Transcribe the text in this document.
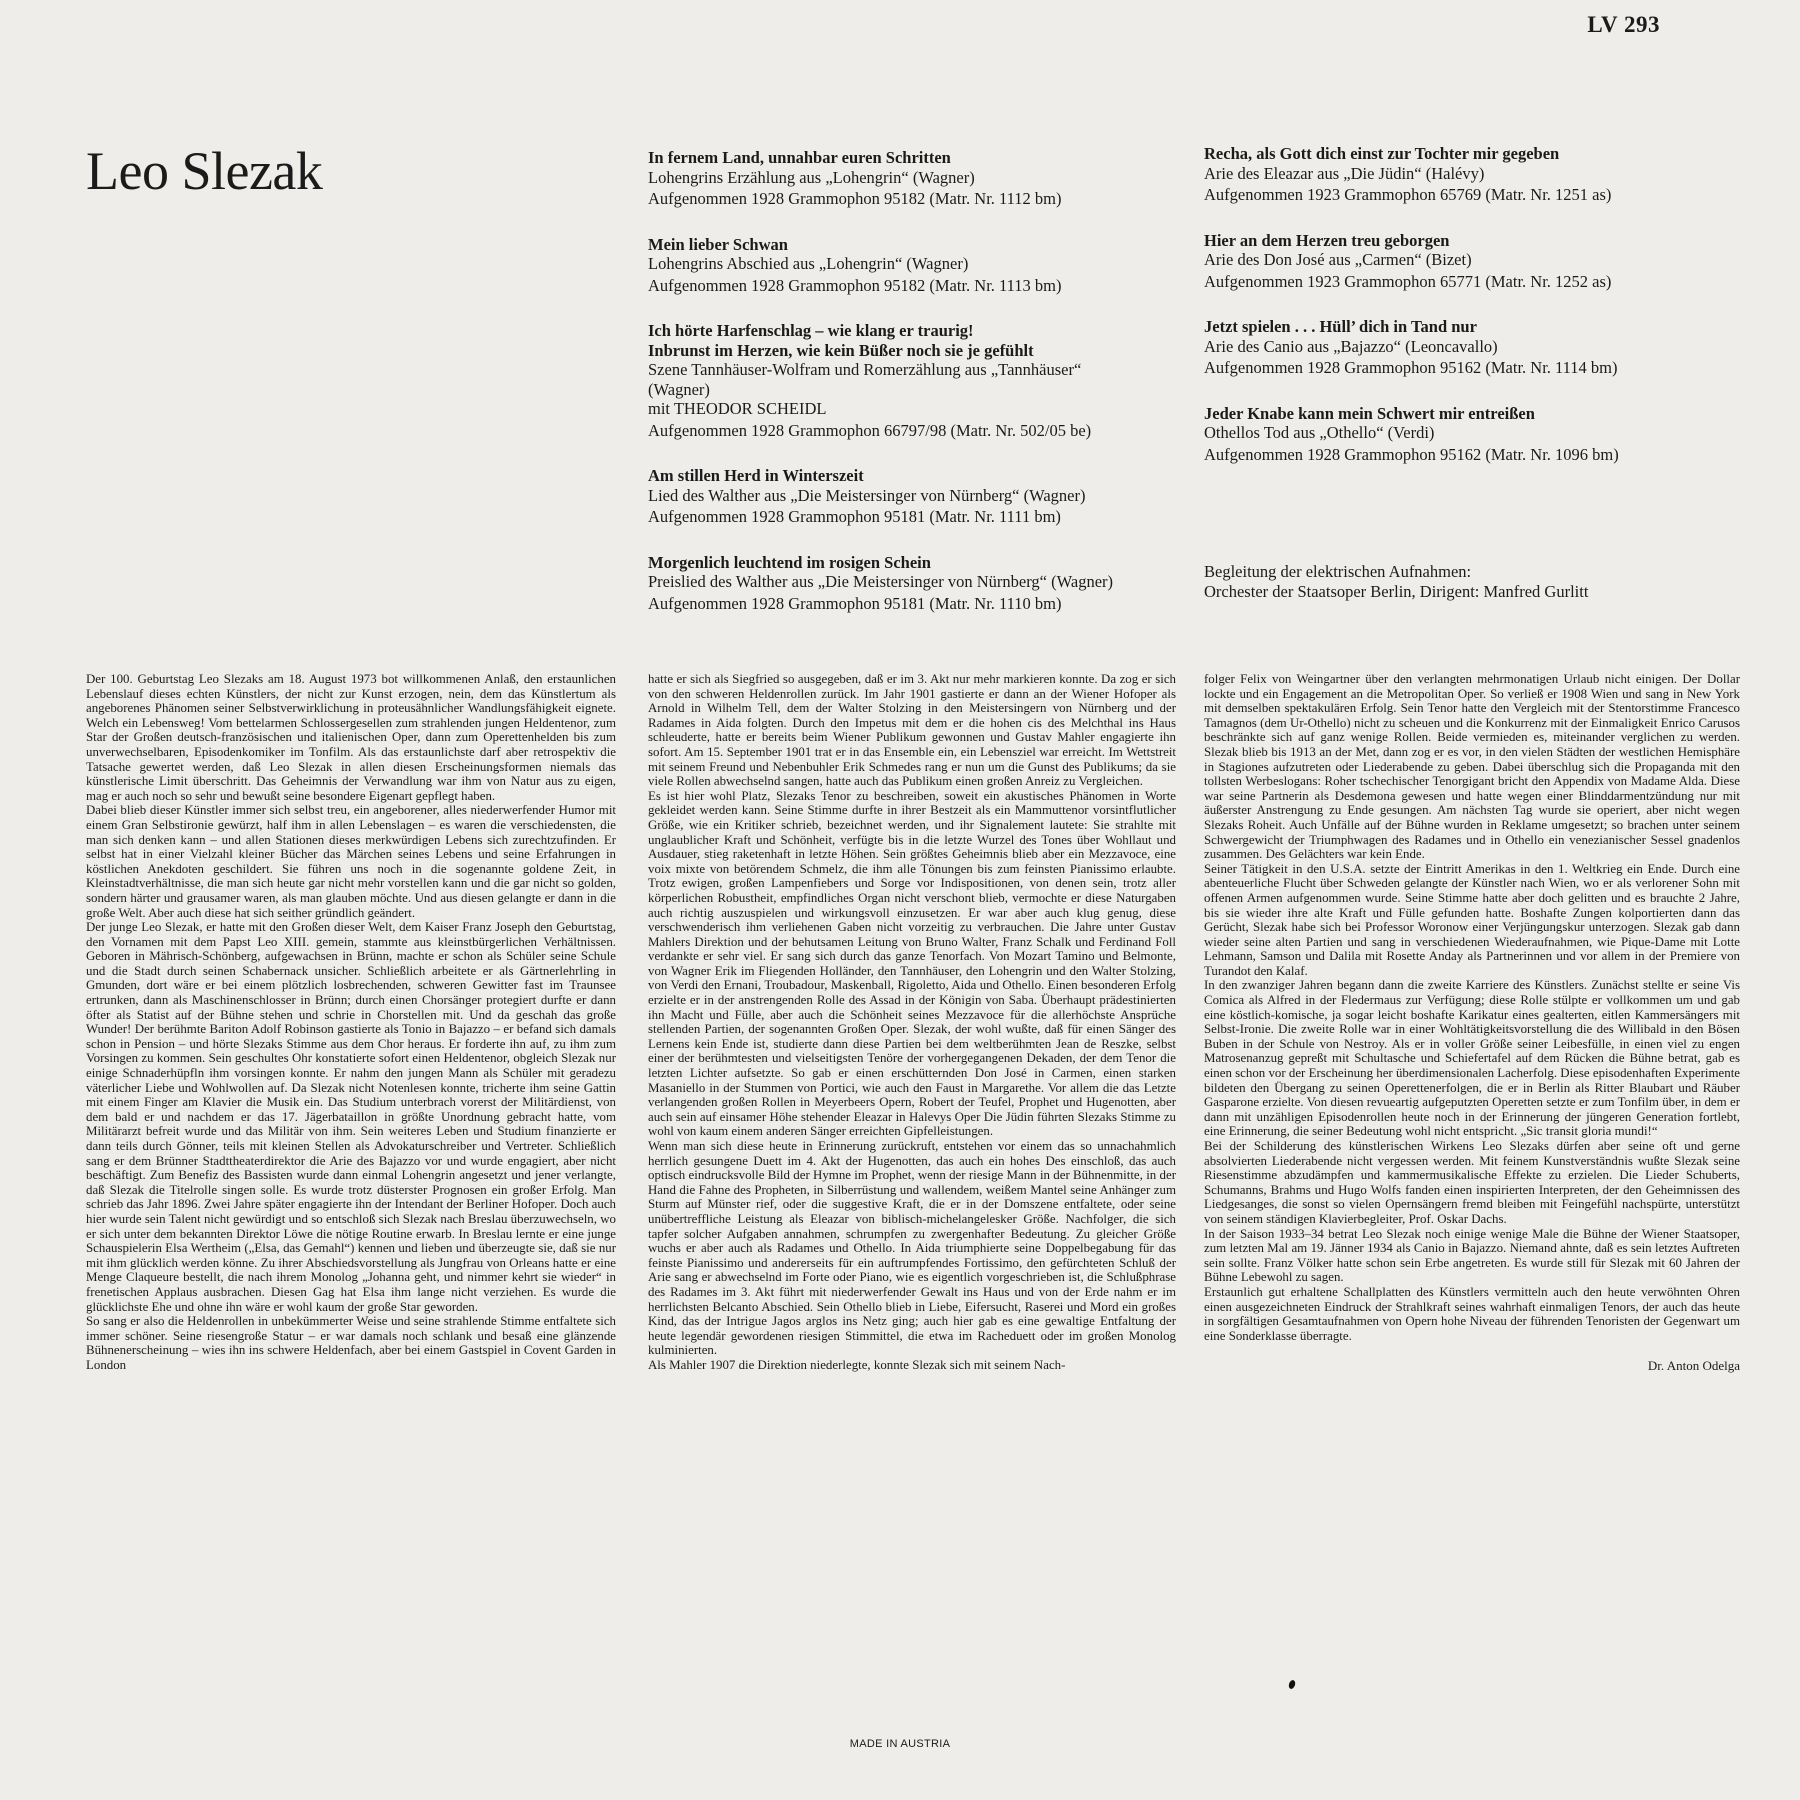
LV 293
Leo Slezak	In fernem Land, unnahbar euren Schritten
Lohengrins Erzählung aus „Lohengrin“ (Wagner)
Aufgenommen 1928 Grammophon 95182 (Matr. Nr. 1112 bm)
Mein lieber Schwan
Lohengrins Abschied aus „Lohengrin“ (Wagner)
Aufgenommen 1928 Grammophon 95182 (Matr. Nr. 1113 bm)
Ich hörte Harfenschlag – wie klang er traurig!
Inbrunst im Herzen, wie kein Büßer noch sie je gefühlt
Szene Tannhäuser-Wolfram und Romerzählung aus „Tannhäuser“
(Wagner)
mit THEODOR SCHEIDL
Aufgenommen 1928 Grammophon 66797/98 (Matr. Nr. 502/05 be)
Am stillen Herd in Winterszeit
Lied des Walther aus „Die Meistersinger von Nürnberg“ (Wagner)
Aufgenommen 1928 Grammophon 95181 (Matr. Nr. 1111 bm)
Morgenlich leuchtend im rosigen Schein
Preislied des Walther aus „Die Meistersinger von Nürnberg“ (Wagner)
Aufgenommen 1928 Grammophon 95181 (Matr. Nr. 1110 bm)
Recha, als Gott dich einst zur Tochter mir gegeben
Arie des Eleazar aus „Die Jüdin“ (Halévy)
Aufgenommen 1923 Grammophon 65769 (Matr. Nr. 1251 as)
Hier an dem Herzen treu geborgen
Arie des Don José aus „Carmen“ (Bizet)
Aufgenommen 1923 Grammophon 65771 (Matr. Nr. 1252 as)
Jetzt spielen . . . Hüll’ dich in Tand nur
Arie des Canio aus „Bajazzo“ (Leoncavallo)
Aufgenommen 1928 Grammophon 95162 (Matr. Nr. 1114 bm)
Jeder Knabe kann mein Schwert mir entreißen
Othellos Tod aus „Othello“ (Verdi)
Aufgenommen 1928 Grammophon 95162 (Matr. Nr. 1096 bm)
Begleitung der elektrischen Aufnahmen:
Orchester der Staatsoper Berlin, Dirigent: Manfred Gurlitt

Der 100. Geburtstag Leo Slezaks am 18. August 1973 bot willkommenen Anlaß, den erstaunlichen Lebenslauf dieses echten Künstlers, der nicht zur Kunst erzogen, nein, dem das Künstlertum als angeborenes Phänomen seiner Selbstverwirklichung in proteusähnlicher Wandlungsfähigkeit eignete. Welch ein Lebensweg! Vom bettelarmen Schlossergesellen zum strahlenden jungen Heldentenor, zum Star der Großen deutsch-französischen und italienischen Oper, dann zum Operettenhelden bis zum unverwechselbaren, Episodenkomiker im Tonfilm. Als das erstaunlichste darf aber retrospektiv die Tatsache gewertet werden, daß Leo Slezak in allen diesen Erscheinungsformen niemals das künstlerische Limit überschritt. Das Geheimnis der Verwandlung war ihm von Natur aus zu eigen, mag er auch noch so sehr und bewußt seine besondere Eigenart gepflegt haben.

Dabei blieb dieser Künstler immer sich selbst treu, ein angeborener, alles niederwerfender Humor mit einem Gran Selbstironie gewürzt, half ihm in allen Lebenslagen – es waren die verschiedensten, die man sich denken kann – und allen Stationen dieses merkwürdigen Lebens sich zurechtzufinden. Er selbst hat in einer Vielzahl kleiner Bücher das Märchen seines Lebens und seine Erfahrungen in köstlichen Anekdoten geschildert. Sie führen uns noch in die sogenannte goldene Zeit, in Kleinstadtverhältnisse, die man sich heute gar nicht mehr vorstellen kann und die gar nicht so golden, sondern härter und grausamer waren, als man glauben möchte. Und aus diesen gelangte er dann in die große Welt. Aber auch diese hat sich seither gründlich geändert.

Der junge Leo Slezak, er hatte mit den Großen dieser Welt, dem Kaiser Franz Joseph den Geburtstag, den Vornamen mit dem Papst Leo XIII. gemein, stammte aus kleinstbürgerlichen Verhältnissen. Geboren in Mährisch-Schönberg, aufgewachsen in Brünn, machte er schon als Schüler seine Schule und die Stadt durch seinen Schabernack unsicher. Schließlich arbeitete er als Gärtnerlehrling in Gmunden, dort wäre er bei einem plötzlich losbrechenden, schweren Gewitter fast im Traunsee ertrunken, dann als Maschinenschlosser in Brünn; durch einen Chorsänger protegiert durfte er dann öfter als Statist auf der Bühne stehen und schrie in Chorstellen mit. Und da geschah das große Wunder! Der berühmte Bariton Adolf Robinson gastierte als Tonio in Bajazzo – er befand sich damals schon in Pension – und hörte Slezaks Stimme aus dem Chor heraus. Er forderte ihn auf, zu ihm zum Vorsingen zu kommen. Sein geschultes Ohr konstatierte sofort einen Heldentenor, obgleich Slezak nur einige Schnaderhüpfln ihm vorsingen konnte. Er nahm den jungen Mann als Schüler mit geradezu väterlicher Liebe und Wohlwollen auf. Da Slezak nicht Notenlesen konnte, tricherte ihm seine Gattin mit einem Finger am Klavier die Musik ein. Das Studium unterbrach vorerst der Militärdienst, von dem bald er und nachdem er das 17. Jägerbataillon in größte Unordnung gebracht hatte, vom Militärarzt befreit wurde und das Militär von ihm. Sein weiteres Leben und Studium finanzierte er dann teils durch Gönner, teils mit kleinen Stellen als Advokaturschreiber und Vertreter. Schließlich sang er dem Brünner Stadttheaterdirektor die Arie des Bajazzo vor und wurde engagiert, aber nicht beschäftigt. Zum Benefiz des Bassisten wurde dann einmal Lohengrin angesetzt und jener verlangte, daß Slezak die Titelrolle singen solle. Es wurde trotz düsterster Prognosen ein großer Erfolg. Man schrieb das Jahr 1896. Zwei Jahre später engagierte ihn der Intendant der Berliner Hofoper. Doch auch hier wurde sein Talent nicht gewürdigt und so entschloß sich Slezak nach Breslau überzuwechseln, wo er sich unter dem bekannten Direktor Löwe die nötige Routine erwarb. In Breslau lernte er eine junge Schauspielerin Elsa Wertheim („Elsa, das Gemahl“) kennen und lieben und überzeugte sie, daß sie nur mit ihm glücklich werden könne. Zu ihrer Abschiedsvorstellung als Jungfrau von Orleans hatte er eine Menge Claqueure bestellt, die nach ihrem Monolog „Johanna geht, und nimmer kehrt sie wieder“ in frenetischen Applaus ausbrachen. Diesen Gag hat Elsa ihm lange nicht verziehen. Es wurde die glücklichste Ehe und ohne ihn wäre er wohl kaum der große Star geworden.

So sang er also die Heldenrollen in unbekümmerter Weise und seine strahlende Stimme entfaltete sich immer schöner. Seine riesengroße Statur – er war damals noch schlank und besaß eine glänzende Bühnenerscheinung – wies ihn ins schwere Heldenfach, aber bei einem Gastspiel in Covent Garden in London

hatte er sich als Siegfried so ausgegeben, daß er im 3. Akt nur mehr markieren konnte. Da zog er sich von den schweren Heldenrollen zurück. Im Jahr 1901 gastierte er dann an der Wiener Hofoper als Arnold in Wilhelm Tell, dem der Walter Stolzing in den Meistersingern von Nürnberg und der Radames in Aida folgten. Durch den Impetus mit dem er die hohen cis des Melchthal ins Haus schleuderte, hatte er bereits beim Wiener Publikum gewonnen und Gustav Mahler engagierte ihn sofort. Am 15. September 1901 trat er in das Ensemble ein, ein Lebensziel war erreicht. Im Wettstreit mit seinem Freund und Nebenbuhler Erik Schmedes rang er nun um die Gunst des Publikums; da sie viele Rollen abwechselnd sangen, hatte auch das Publikum einen großen Anreiz zu Vergleichen.

Es ist hier wohl Platz, Slezaks Tenor zu beschreiben, soweit ein akustisches Phänomen in Worte gekleidet werden kann. Seine Stimme durfte in ihrer Bestzeit als ein Mammuttenor vorsintflutlicher Größe, wie ein Kritiker schrieb, bezeichnet werden, und ihr Signalement lautete: Sie strahlte mit unglaublicher Kraft und Schönheit, verfügte bis in die letzte Wurzel des Tones über Wohllaut und Ausdauer, stieg raketenhaft in letzte Höhen. Sein größtes Geheimnis blieb aber ein Mezzavoce, eine voix mixte von betörendem Schmelz, die ihm alle Tönungen bis zum feinsten Pianissimo erlaubte. Trotz ewigen, großen Lampenfiebers und Sorge vor Indispositionen, von denen sein, trotz aller körperlichen Robustheit, empfindliches Organ nicht verschont blieb, vermochte er diese Naturgaben auch richtig auszuspielen und wirkungsvoll einzusetzen. Er war aber auch klug genug, diese verschwenderisch ihm verliehenen Gaben nicht vorzeitig zu verbrauchen. Die Jahre unter Gustav Mahlers Direktion und der behutsamen Leitung von Bruno Walter, Franz Schalk und Ferdinand Foll verdankte er sehr viel. Er sang sich durch das ganze Tenorfach. Von Mozart Tamino und Belmonte, von Wagner Erik im Fliegenden Holländer, den Tannhäuser, den Lohengrin und den Walter Stolzing, von Verdi den Ernani, Troubadour, Maskenball, Rigoletto, Aida und Othello. Einen besonderen Erfolg erzielte er in der anstrengenden Rolle des Assad in der Königin von Saba. Überhaupt prädestinierten ihn Macht und Fülle, aber auch die Schönheit seines Mezzavoce für die allerhöchste Ansprüche stellenden Partien, der sogenannten Großen Oper. Slezak, der wohl wußte, daß für einen Sänger des Lernens kein Ende ist, studierte dann diese Partien bei dem weltberühmten Jean de Reszke, selbst einer der berühmtesten und vielseitigsten Tenöre der vorhergegangenen Dekaden, der dem Tenor die letzten Lichter aufsetzte. So gab er einen erschütternden Don José in Carmen, einen starken Masaniello in der Stummen von Portici, wie auch den Faust in Margarethe. Vor allem die das Letzte verlangenden großen Rollen in Meyerbeers Opern, Robert der Teufel, Prophet und Hugenotten, aber auch sein auf einsamer Höhe stehender Eleazar in Halevys Oper Die Jüdin führten Slezaks Stimme zu wohl von kaum einem anderen Sänger erreichten Gipfelleistungen.

Wenn man sich diese heute in Erinnerung zurückruft, entstehen vor einem das so unnachahmlich herrlich gesungene Duett im 4. Akt der Hugenotten, das auch ein hohes Des einschloß, das auch optisch eindrucksvolle Bild der Hymne im Prophet, wenn der riesige Mann in der Bühnenmitte, in der Hand die Fahne des Propheten, in Silberrüstung und wallendem, weißem Mantel seine Anhänger zum Sturm auf Münster rief, oder die suggestive Kraft, die er in der Domszene entfaltete, oder seine unübertreffliche Leistung als Eleazar von biblisch-michelangelesker Größe. Nachfolger, die sich tapfer solcher Aufgaben annahmen, schrumpfen zu zwergenhafter Bedeutung. Zu gleicher Größe wuchs er aber auch als Radames und Othello. In Aida triumphierte seine Doppelbegabung für das feinste Pianissimo und andererseits für ein auftrumpfendes Fortissimo, den gefürchteten Schluß der Arie sang er abwechselnd im Forte oder Piano, wie es eigentlich vorgeschrieben ist, die Schlußphrase des Radames im 3. Akt führt mit niederwerfender Gewalt ins Haus und von der Erde nahm er im herrlichsten Belcanto Abschied. Sein Othello blieb in Liebe, Eifersucht, Raserei und Mord ein großes Kind, das der Intrigue Jagos arglos ins Netz ging; auch hier gab es eine gewaltige Entfaltung der heute legendär gewordenen riesigen Stimmittel, die etwa im Racheduett oder im großen Monolog kulminierten.

Als Mahler 1907 die Direktion niederlegte, konnte Slezak sich mit seinem Nach-

folger Felix von Weingartner über den verlangten mehrmonatigen Urlaub nicht einigen. Der Dollar lockte und ein Engagement an die Metropolitan Oper. So verließ er 1908 Wien und sang in New York mit demselben spektakulären Erfolg. Sein Tenor hatte den Vergleich mit der Stentorstimme Francesco Tamagnos (dem Ur-Othello) nicht zu scheuen und die Konkurrenz mit der Einmaligkeit Enrico Carusos beschränkte sich auf ganz wenige Rollen. Beide vermieden es, miteinander verglichen zu werden. Slezak blieb bis 1913 an der Met, dann zog er es vor, in den vielen Städten der westlichen Hemisphäre in Stagiones aufzutreten oder Liederabende zu geben. Dabei überschlug sich die Propaganda mit den tollsten Werbeslogans: Roher tschechischer Tenorgigant bricht den Appendix von Madame Alda. Diese war seine Partnerin als Desdemona gewesen und hatte wegen einer Blinddarmentzündung nur mit äußerster Anstrengung zu Ende gesungen. Am nächsten Tag wurde sie operiert, aber nicht wegen Slezaks Roheit. Auch Unfälle auf der Bühne wurden in Reklame umgesetzt; so brachen unter seinem Schwergewicht der Triumphwagen des Radames und in Othello ein venezianischer Sessel gnadenlos zusammen. Des Gelächters war kein Ende.

Seiner Tätigkeit in den U.S.A. setzte der Eintritt Amerikas in den 1. Weltkrieg ein Ende. Durch eine abenteuerliche Flucht über Schweden gelangte der Künstler nach Wien, wo er als verlorener Sohn mit offenen Armen aufgenommen wurde. Seine Stimme hatte aber doch gelitten und es brauchte 2 Jahre, bis sie wieder ihre alte Kraft und Fülle gefunden hatte. Boshafte Zungen kolportierten dann das Gerücht, Slezak habe sich bei Professor Woronow einer Verjüngungskur unterzogen. Slezak gab dann wieder seine alten Partien und sang in verschiedenen Wiederaufnahmen, wie Pique-Dame mit Lotte Lehmann, Samson und Dalila mit Rosette Anday als Partnerinnen und vor allem in der Premiere von Turandot den Kalaf.

In den zwanziger Jahren begann dann die zweite Karriere des Künstlers. Zunächst stellte er seine Vis Comica als Alfred in der Fledermaus zur Verfügung; diese Rolle stülpte er vollkommen um und gab eine köstlich-komische, ja sogar leicht boshafte Karikatur eines gealterten, eitlen Kammersängers mit Selbst-Ironie. Die zweite Rolle war in einer Wohltätigkeitsvorstellung die des Willibald in den Bösen Buben in der Schule von Nestroy. Als er in voller Größe seiner Leibesfülle, in einen viel zu engen Matrosenanzug gepreßt mit Schultasche und Schiefertafel auf dem Rücken die Bühne betrat, gab es einen schon vor der Erscheinung her überdimensionalen Lacherfolg. Diese episodenhaften Experimente bildeten den Übergang zu seinen Operettenerfolgen, die er in Berlin als Ritter Blaubart und Räuber Gasparone erzielte. Von diesen revueartig aufgeputzten Operetten setzte er zum Tonfilm über, in dem er dann mit unzähligen Episodenrollen heute noch in der Erinnerung der jüngeren Generation fortlebt, eine Erinnerung, die seiner Bedeutung wohl nicht entspricht. „Sic transit gloria mundi!“

Bei der Schilderung des künstlerischen Wirkens Leo Slezaks dürfen aber seine oft und gerne absolvierten Liederabende nicht vergessen werden. Mit feinem Kunstverständnis wußte Slezak seine Riesenstimme abzudämpfen und kammermusikalische Effekte zu erzielen. Die Lieder Schuberts, Schumanns, Brahms und Hugo Wolfs fanden einen inspirierten Interpreten, der den Geheimnissen des Liedgesanges, die sonst so vielen Opernsängern fremd bleiben mit Feingefühl nachspürte, unterstützt von seinem ständigen Klavierbegleiter, Prof. Oskar Dachs.

In der Saison 1933–34 betrat Leo Slezak noch einige wenige Male die Bühne der Wiener Staatsoper, zum letzten Mal am 19. Jänner 1934 als Canio in Bajazzo. Niemand ahnte, daß es sein letztes Auftreten sein sollte. Franz Völker hatte schon sein Erbe angetreten. Es wurde still für Slezak mit 60 Jahren der Bühne Lebewohl zu sagen.

Erstaunlich gut erhaltene Schallplatten des Künstlers vermitteln auch den heute verwöhnten Ohren einen ausgezeichneten Eindruck der Strahlkraft seines wahrhaft einmaligen Tenors, der auch das heute in sorgfältigen Gesamtaufnahmen von Opern hohe Niveau der führenden Tenoristen der Gegenwart um eine Sonderklasse überragte.

Dr. Anton Odelga
MADE IN AUSTRIA
